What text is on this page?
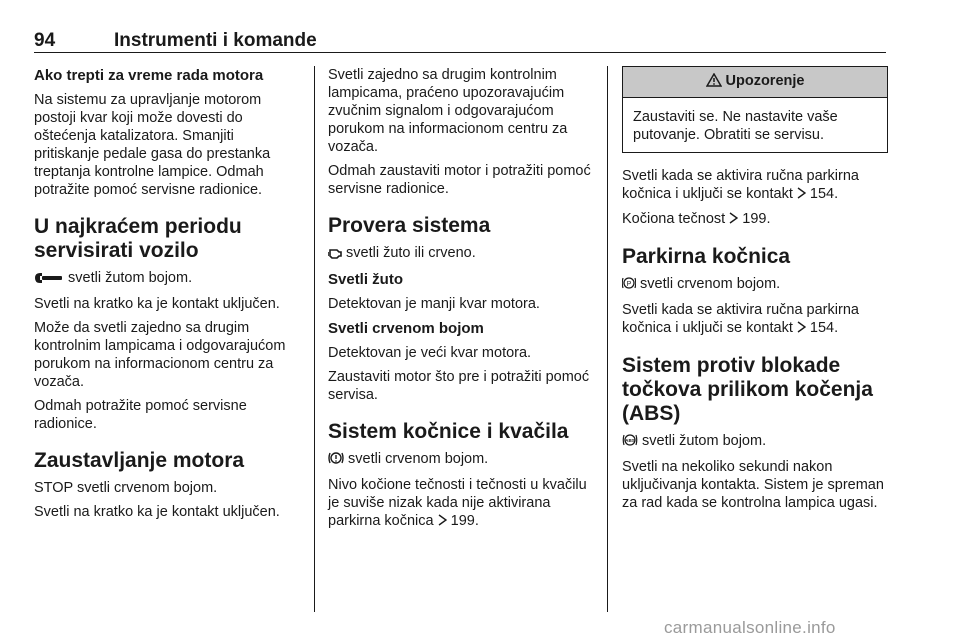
94	Instrumenti i komande
Ako trepti za vreme rada motora

Na sistemu za upravljanje motorom postoji kvar koji može dovesti do oštećenja katalizatora. Smanjiti pritiskanje pedale gasa do prestanka treptanja kontrolne lampice. Odmah potražite pomoć servisne radionice.

U najkraćem periodu servisirati vozilo

svetli žutom bojom.

Svetli na kratko ka je kontakt uključen.

Može da svetli zajedno sa drugim kontrolnim lampicama i odgovarajućom porukom na informacionom centru za vozača.

Odmah potražite pomoć servisne radionice.

Zaustavljanje motora

STOP svetli crvenom bojom.

Svetli na kratko ka je kontakt uključen.

Svetli zajedno sa drugim kontrolnim lampicama, praćeno upozoravajućim zvučnim signalom i odgovarajućom porukom na informacionom centru za vozača.

Odmah zaustaviti motor i potražiti pomoć servisne radionice.

Provera sistema

svetli žuto ili crveno.

Svetli žuto

Detektovan je manji kvar motora.

Svetli crvenom bojom

Detektovan je veći kvar motora.

Zaustaviti motor što pre i potražiti pomoć servisa.

Sistem kočnice i kvačila

svetli crvenom bojom.

Nivo kočione tečnosti i tečnosti u kvačilu je suviše nizak kada nije aktivirana parkirna kočnica 199.

Upozorenje

Zaustaviti se. Ne nastavite vaše putovanje. Obratiti se servisu.

Svetli kada se aktivira ručna parkirna kočnica i uključi se kontakt 154.

Kočiona tečnost 199.

Parkirna kočnica

P svetli crvenom bojom.

Svetli kada se aktivira ručna parkirna kočnica i uključi se kontakt 154.

Sistem protiv blokade točkova prilikom kočenja (ABS)

ABS svetli žutom bojom.

Svetli na nekoliko sekundi nakon uključivanja kontakta. Sistem je spreman za rad kada se kontrolna lampica ugasi.

carmanualsonline.info
